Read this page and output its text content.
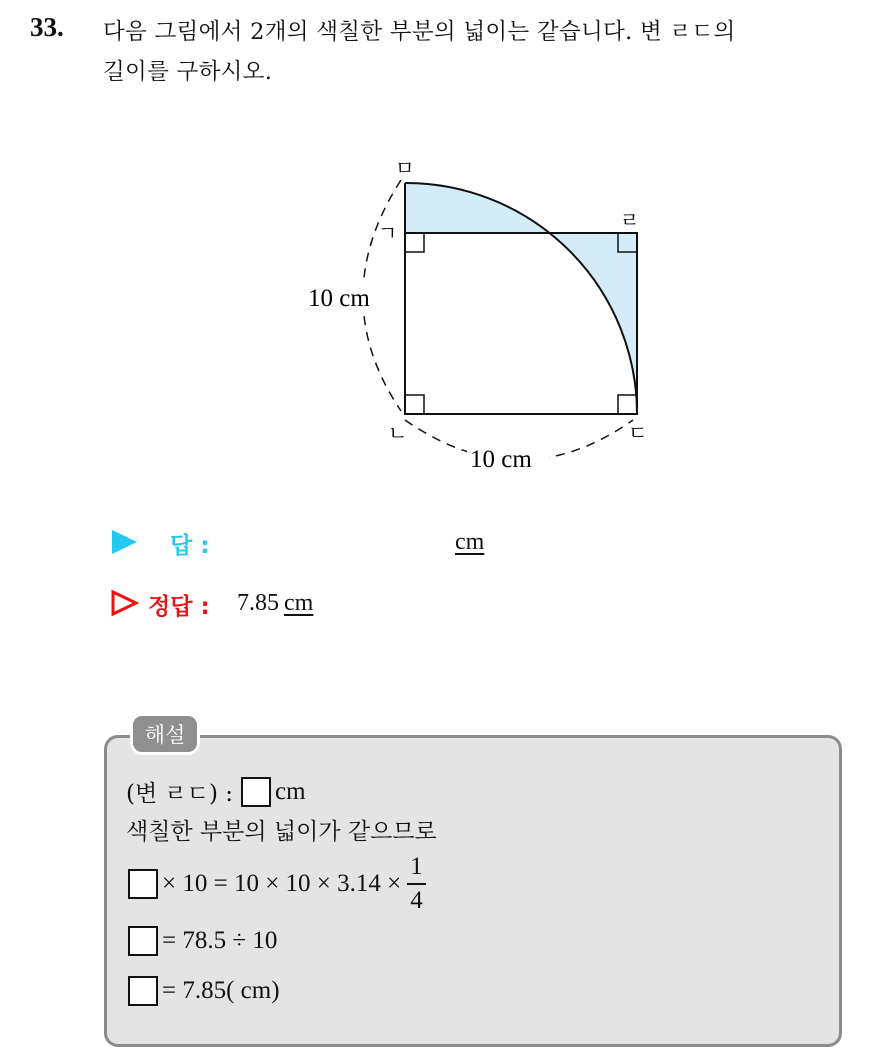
33. 다음 그림에서 2개의 색칠한 부분의 넓이는 같습니다. 변 ㄹㄷ의
길이를 구하시오.
ㅁ
ㄱ
ㄹ
ㄴ	ㄷ
10 cm
10 cm
답 :	cm
정답 : 7.85 cm
해설
(변 ㄹㄷ) : cm
색칠한 부분의 넓이가 같으므로
× $10 = 10 \times 10 \times 3.14 \times \frac{1}{4}$
= 78.5 ÷ 10
= 7.85( cm)
